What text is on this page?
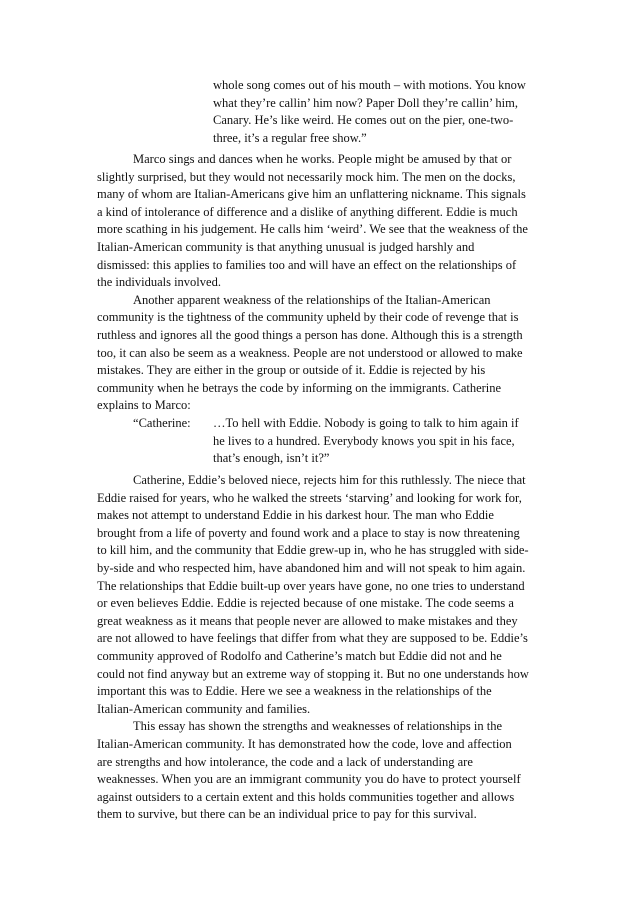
whole song comes out of his mouth – with motions. You know
what they’re callin’ him now? Paper Doll they’re callin’ him,
Canary. He’s like weird. He comes out on the pier, one-two-
three, it’s a regular free show.”
Marco sings and dances when he works. People might be amused by that or
slightly surprised, but they would not necessarily mock him. The men on the docks,
many of whom are Italian-Americans give him an unflattering nickname. This signals
a kind of intolerance of difference and a dislike of anything different. Eddie is much
more scathing in his judgement. He calls him ‘weird’. We see that the weakness of the
Italian-American community is that anything unusual is judged harshly and
dismissed: this applies to families too and will have an effect on the relationships of
the individuals involved.
Another apparent weakness of the relationships of the Italian-American
community is the tightness of the community upheld by their code of revenge that is
ruthless and ignores all the good things a person has done. Although this is a strength
too, it can also be seem as a weakness. People are not understood or allowed to make
mistakes. They are either in the group or outside of it. Eddie is rejected by his
community when he betrays the code by informing on the immigrants. Catherine
explains to Marco:
“Catherine: …To hell with Eddie. Nobody is going to talk to him again if
he lives to a hundred. Everybody knows you spit in his face,
that’s enough, isn’t it?”
Catherine, Eddie’s beloved niece, rejects him for this ruthlessly. The niece that
Eddie raised for years, who he walked the streets ‘starving’ and looking for work for,
makes not attempt to understand Eddie in his darkest hour. The man who Eddie
brought from a life of poverty and found work and a place to stay is now threatening
to kill him, and the community that Eddie grew-up in, who he has struggled with side-
by-side and who respected him, have abandoned him and will not speak to him again.
The relationships that Eddie built-up over years have gone, no one tries to understand
or even believes Eddie. Eddie is rejected because of one mistake. The code seems a
great weakness as it means that people never are allowed to make mistakes and they
are not allowed to have feelings that differ from what they are supposed to be. Eddie’s
community approved of Rodolfo and Catherine’s match but Eddie did not and he
could not find anyway but an extreme way of stopping it. But no one understands how
important this was to Eddie. Here we see a weakness in the relationships of the
Italian-American community and families.
This essay has shown the strengths and weaknesses of relationships in the
Italian-American community. It has demonstrated how the code, love and affection
are strengths and how intolerance, the code and a lack of understanding are
weaknesses. When you are an immigrant community you do have to protect yourself
against outsiders to a certain extent and this holds communities together and allows
them to survive, but there can be an individual price to pay for this survival.
